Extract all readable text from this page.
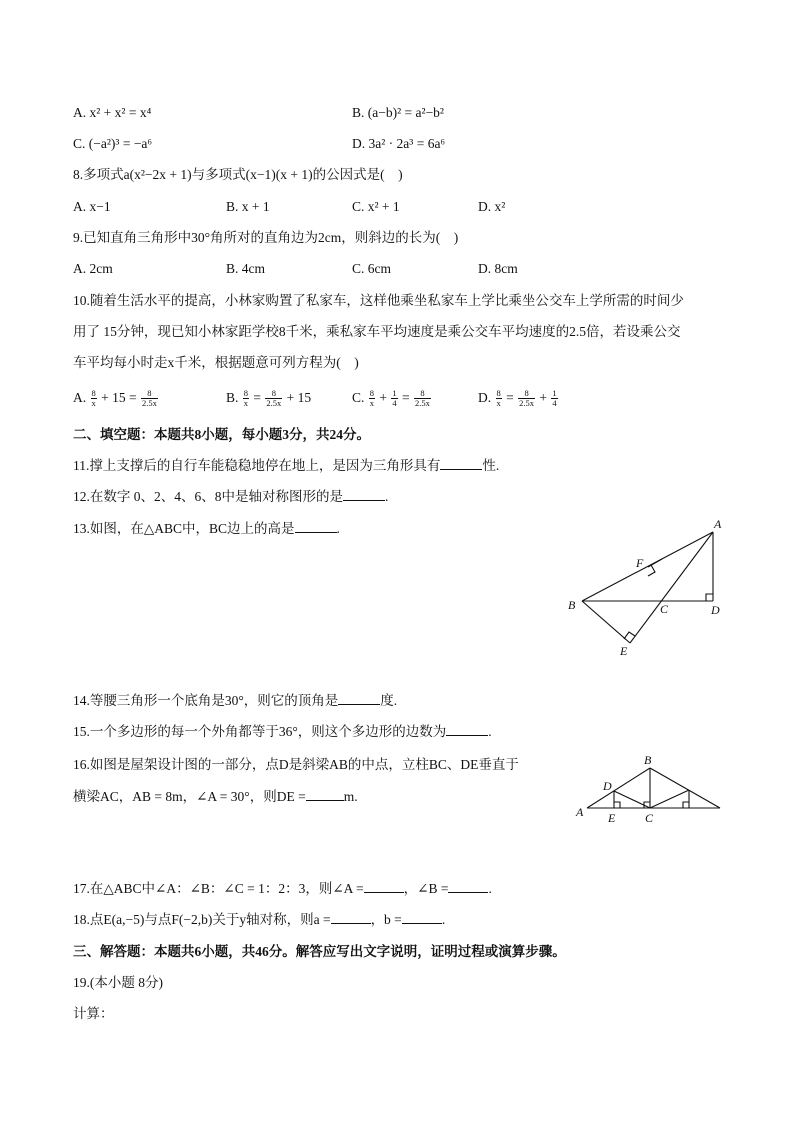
A. x² + x² = x⁴	B. (a−b)² = a²−b²
C. (−a²)³ = −a⁶	D. 3a² · 2a³ = 6a⁶
8.多项式a(x²−2x + 1)与多项式(x−1)(x + 1)的公因式是(　)
A. x−1	B. x + 1	C. x² + 1	D. x²
9.已知直角三角形中30°角所对的直角边为2cm，则斜边的长为(　)
A. 2cm	B. 4cm	C. 6cm	D. 8cm
10.随着生活水平的提高，小林家购置了私家车，这样他乘坐私家车上学比乘坐公交车上学所需的时间少
用了 15分钟，现已知小林家距学校8千米，乘私家车平均速度是乘公交车平均速度的2.5倍，若设乘公交
车平均每小时走x千米，根据题意可列方程为(　)
A. $\frac{8}{x} + 15 = \frac{8}{2.5x}$	B. $\frac{8}{x} = \frac{8}{2.5x} + 15$	C. $\frac{8}{x} + \frac{1}{4} = \frac{8}{2.5x}$	D. $\frac{8}{x} = \frac{8}{2.5x} + \frac{1}{4}$
二、填空题：本题共8小题，每小题3分，共24分。
11.撑上支撑后的自行车能稳稳地停在地上，是因为三角形具有	性.
12.在数字 0、2、4、6、8中是轴对称图形的是	.
13.如图，在△ABC中，BC边上的高是	.	A
B	C	D
E
F
14.等腰三角形一个底角是30°，则它的顶角是	度.
15.一个多边形的每一个外角都等于36°，则这个多边形的边数为	.
16.如图是屋架设计图的一部分，点D是斜梁AB的中点，立柱BC、DE垂直于
横梁AC，AB = 8m，∠A = 30°，则DE =	m.
A
B
C
D
E
17.在△ABC中∠A：∠B：∠C = 1：2：3，则∠A =	，∠B =	.
18.点E(a,−5)与点F(−2,b)关于y轴对称，则a =	，b =	.
三、解答题：本题共6小题，共46分。解答应写出文字说明，证明过程或演算步骤。
19.(本小题 8分)
计算：
